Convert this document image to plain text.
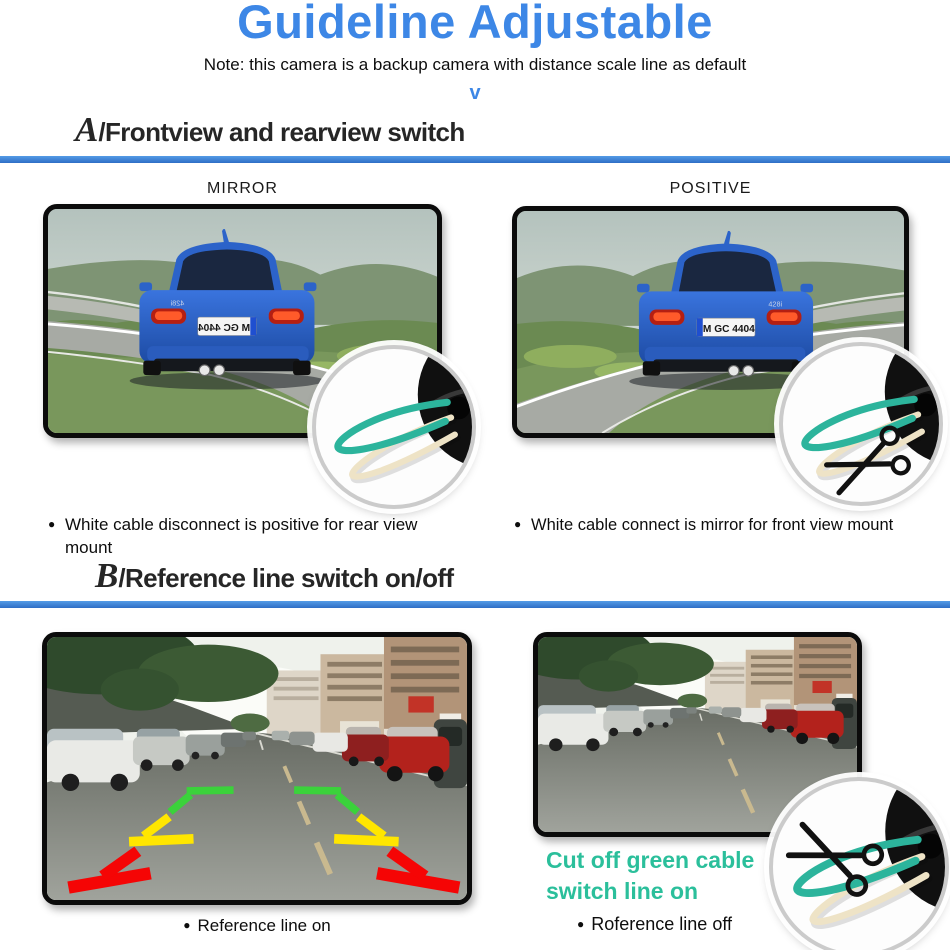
Guideline Adjustable
Note: this camera is a backup camera with distance scale line as default
v
A/Frontview and rearview switch
MIRROR	POSITIVE
● White cable disconnect is positive for rear view mount
● White cable connect is mirror for front view mount
B/Reference line switch on/off
Cut off green cable
switch line on
● Reference line on	● Roference line off
